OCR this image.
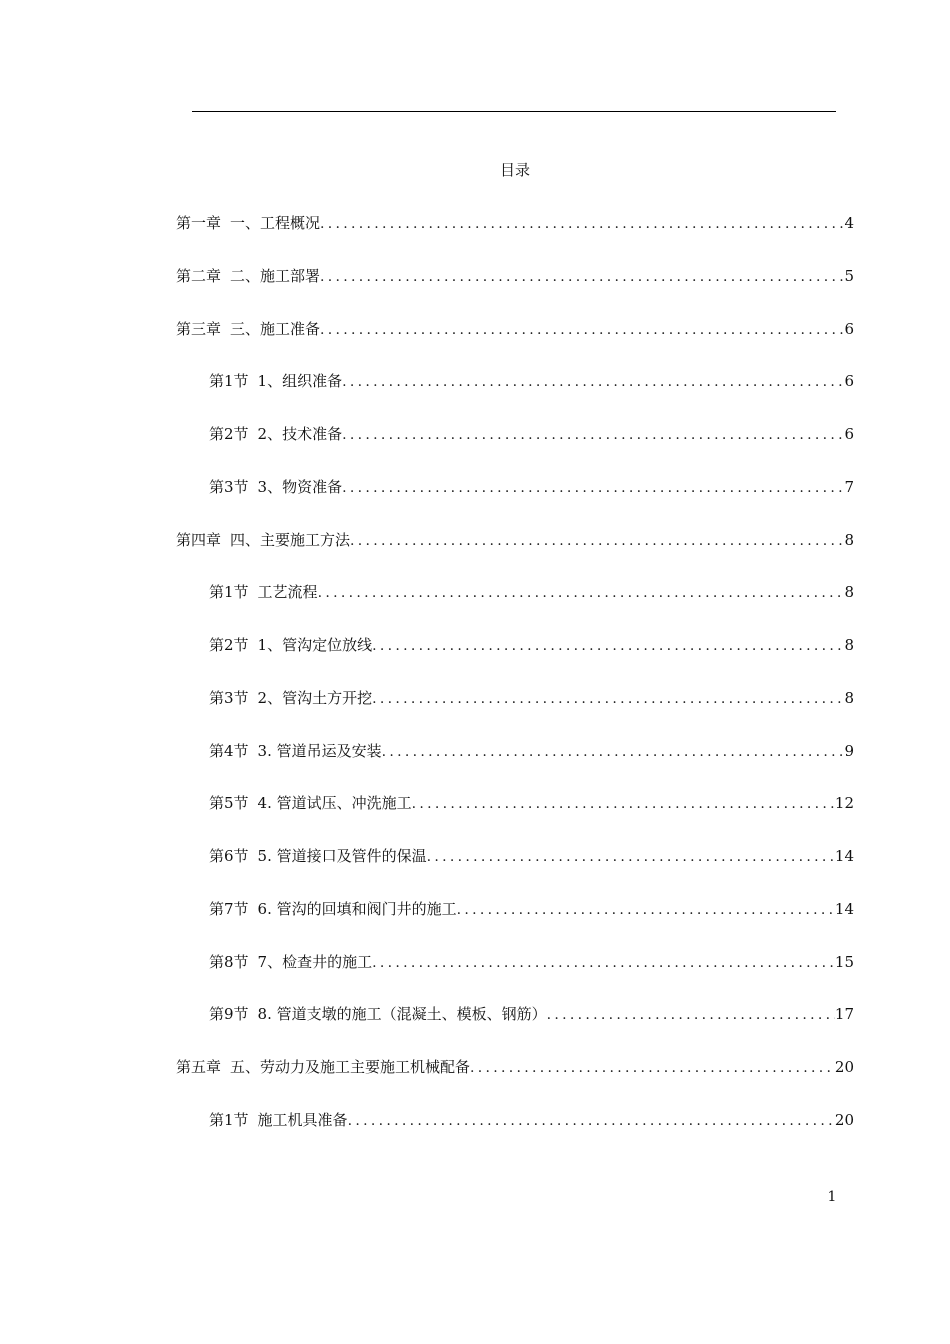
目录
第一章 一、工程概况 .....	4
第二章 二、施工部署 .....	5
第三章 三、施工准备 .....	6
第1节 1、组织准备 .....	6
第2节 2、技术准备 .....	6
第3节 3、物资准备 .....	7
第四章 四、主要施工方法 .....	8
第1节 工艺流程 .....	8
第2节 1、管沟定位放线 .....	8
第3节 2、管沟土方开挖 .....	8
第4节 3. 管道吊运及安装 .....	9
第5节 4. 管道试压、冲洗施工 .....	12
第6节 5. 管道接口及管件的保温 .....	14
第7节 6. 管沟的回填和阀门井的施工 .....	14
第8节 7、检查井的施工 .....	15
第9节 8. 管道支墩的施工（混凝土、模板、钢筋） .....	17
第五章 五、劳动力及施工主要施工机械配备 .....	20
第1节 施工机具准备 .....	20
1
